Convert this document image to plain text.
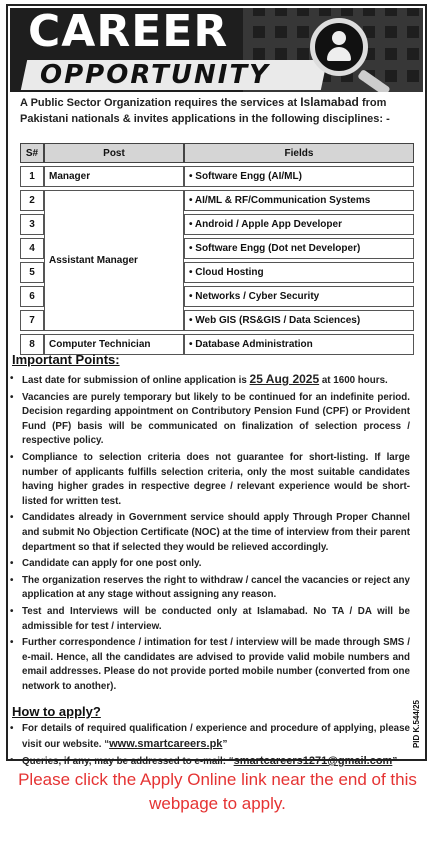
CAREER
OPPORTUNITY
A Public Sector Organization requires the services at Islamabad from Pakistani nationals & invites applications in the following disciplines: -
S#	Post	Fields
1	Manager	• Software Engg (AI/ML)
2	Assistant Manager	• AI/ML & RF/Communication Systems
3		• Android / Apple App Developer
4		• Software Engg (Dot net Developer)
5		• Cloud Hosting
6		• Networks / Cyber Security
7		• Web GIS (RS&GIS / Data Sciences)
8	Computer Technician	• Database Administration
Important Points:
• Last date for submission of online application is 25 Aug 2025 at 1600 hours.
• Vacancies are purely temporary but likely to be continued for an indefinite period. Decision regarding appointment on Contributory Pension Fund (CPF) or Provident Fund (PF) basis will be communicated on finalization of selection process / respective policy.
• Compliance to selection criteria does not guarantee for short-listing. If large number of applicants fulfills selection criteria, only the most suitable candidates having higher grades in respective degree / relevant experience would be short-listed for written test.
• Candidates already in Government service should apply Through Proper Channel and submit No Objection Certificate (NOC) at the time of interview from their parent department so that if selected they would be relieved accordingly.
• Candidate can apply for one post only.
• The organization reserves the right to withdraw / cancel the vacancies or reject any application at any stage without assigning any reason.
• Test and Interviews will be conducted only at Islamabad. No TA / DA will be admissible for test / interview.
• Further correspondence / intimation for test / interview will be made through SMS / e-mail. Hence, all the candidates are advised to provide valid mobile numbers and email addresses. Please do not provide ported mobile number (converted from one network to another).
How to apply?
• For details of required qualification / experience and procedure of applying, please visit our website. “www.smartcareers.pk”
• Queries, if any, may be addressed to e-mail: “smartcareers1271@gmail.com”
PID K.544/25
Please click the Apply Online link near the end of this webpage to apply.
